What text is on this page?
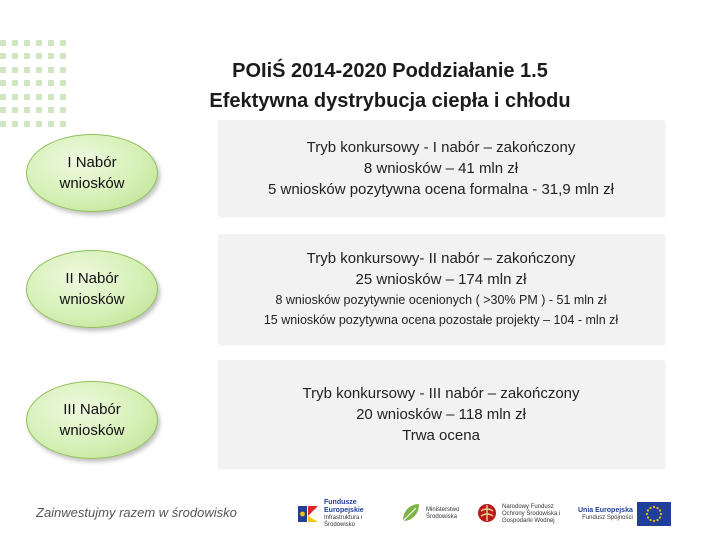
POIiŚ 2014-2020 Poddziałanie 1.5
Efektywna dystrybucja ciepła i chłodu
I Nabór
wniosków
Tryb konkursowy - I nabór – zakończony
8 wniosków – 41 mln zł
5 wniosków pozytywna ocena formalna - 31,9 mln zł
II Nabór
wniosków
Tryb konkursowy- II nabór – zakończony
25 wniosków – 174 mln zł
8 wniosków pozytywnie ocenionych ( >30% PM ) - 51 mln zł
15 wniosków pozytywna ocena pozostałe projekty – 104 - mln zł
III Nabór
wniosków
Tryb konkursowy - III nabór – zakończony
20 wniosków – 118 mln zł
Trwa ocena
Zainwestujmy razem w środowisko
Fundusze Europejskie
Infrastruktura i Środowisko
Ministerstwo Środowiska
Narodowy Fundusz Ochrony Środowiska i Gospodarki Wodnej
Unia Europejska
Fundusz Spójności
